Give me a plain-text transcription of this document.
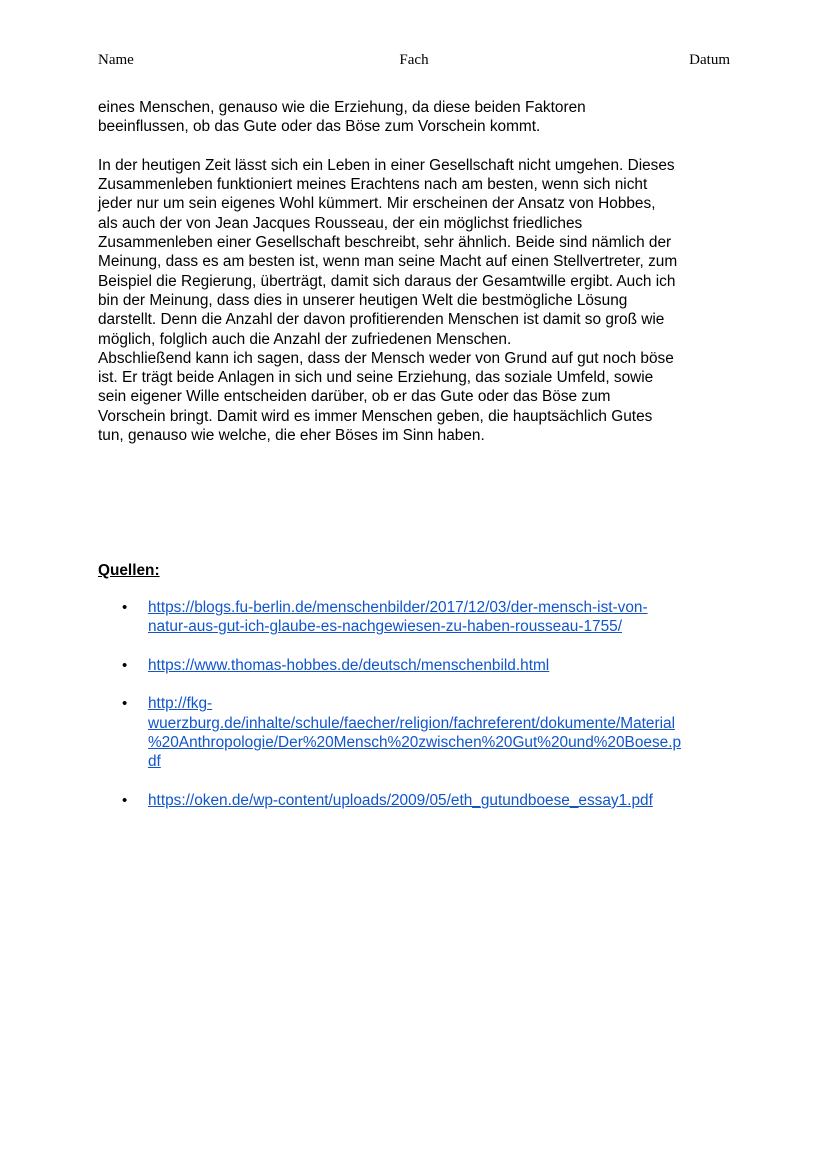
Name	Fach	Datum

eines Menschen, genauso wie die Erziehung, da diese beiden Faktoren
beeinflussen, ob das Gute oder das Böse zum Vorschein kommt.

In der heutigen Zeit lässt sich ein Leben in einer Gesellschaft nicht umgehen. Dieses
Zusammenleben funktioniert meines Erachtens nach am besten, wenn sich nicht
jeder nur um sein eigenes Wohl kümmert. Mir erscheinen der Ansatz von Hobbes,
als auch der von Jean Jacques Rousseau, der ein möglichst friedliches
Zusammenleben einer Gesellschaft beschreibt, sehr ähnlich. Beide sind nämlich der
Meinung, dass es am besten ist, wenn man seine Macht auf einen Stellvertreter, zum
Beispiel die Regierung, überträgt, damit sich daraus der Gesamtwille ergibt. Auch ich
bin der Meinung, dass dies in unserer heutigen Welt die bestmögliche Lösung
darstellt. Denn die Anzahl der davon profitierenden Menschen ist damit so groß wie
möglich, folglich auch die Anzahl der zufriedenen Menschen.

Abschließend kann ich sagen, dass der Mensch weder von Grund auf gut noch böse
ist. Er trägt beide Anlagen in sich und seine Erziehung, das soziale Umfeld, sowie
sein eigener Wille entscheiden darüber, ob er das Gute oder das Böse zum
Vorschein bringt. Damit wird es immer Menschen geben, die hauptsächlich Gutes
tun, genauso wie welche, die eher Böses im Sinn haben.

Quellen:
• https://blogs.fu-berlin.de/menschenbilder/2017/12/03/der-mensch-ist-von-
natur-aus-gut-ich-glaube-es-nachgewiesen-zu-haben-rousseau-1755/
• https://www.thomas-hobbes.de/deutsch/menschenbild.html
• http://fkg-
wuerzburg.de/inhalte/schule/faecher/religion/fachreferent/dokumente/Material
%20Anthropologie/Der%20Mensch%20zwischen%20Gut%20und%20Boese.p
df
• https://oken.de/wp-content/uploads/2009/05/eth_gutundboese_essay1.pdf
